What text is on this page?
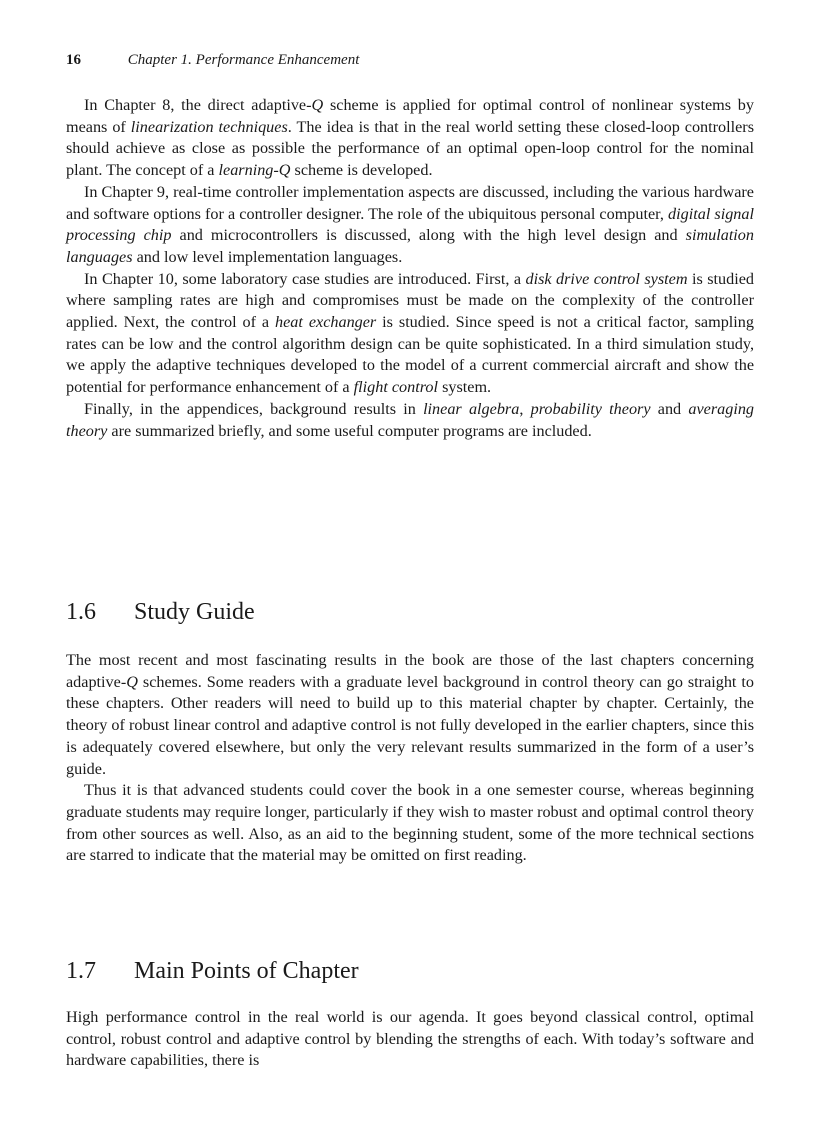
16	Chapter 1. Performance Enhancement

In Chapter 8, the direct adaptive-Q scheme is applied for optimal control of nonlinear systems by means of linearization techniques. The idea is that in the real world setting these closed-loop controllers should achieve as close as possible the performance of an optimal open-loop control for the nominal plant. The concept of a learning-Q scheme is developed.

In Chapter 9, real-time controller implementation aspects are discussed, including the various hardware and software options for a controller designer. The role of the ubiquitous personal computer, digital signal processing chip and microcontrollers is discussed, along with the high level design and simulation languages and low level implementation languages.

In Chapter 10, some laboratory case studies are introduced. First, a disk drive control system is studied where sampling rates are high and compromises must be made on the complexity of the controller applied. Next, the control of a heat exchanger is studied. Since speed is not a critical factor, sampling rates can be low and the control algorithm design can be quite sophisticated. In a third simulation study, we apply the adaptive techniques developed to the model of a current commercial aircraft and show the potential for performance enhancement of a flight control system.

Finally, in the appendices, background results in linear algebra, probability theory and averaging theory are summarized briefly, and some useful computer programs are included.

1.6 Study Guide

The most recent and most fascinating results in the book are those of the last chapters concerning adaptive-Q schemes. Some readers with a graduate level background in control theory can go straight to these chapters. Other readers will need to build up to this material chapter by chapter. Certainly, the theory of robust linear control and adaptive control is not fully developed in the earlier chapters, since this is adequately covered elsewhere, but only the very relevant results summarized in the form of a user’s guide.

Thus it is that advanced students could cover the book in a one semester course, whereas beginning graduate students may require longer, particularly if they wish to master robust and optimal control theory from other sources as well. Also, as an aid to the beginning student, some of the more technical sections are starred to indicate that the material may be omitted on first reading.

1.7 Main Points of Chapter

High performance control in the real world is our agenda. It goes beyond classical control, optimal control, robust control and adaptive control by blending the strengths of each. With today’s software and hardware capabilities, there is
